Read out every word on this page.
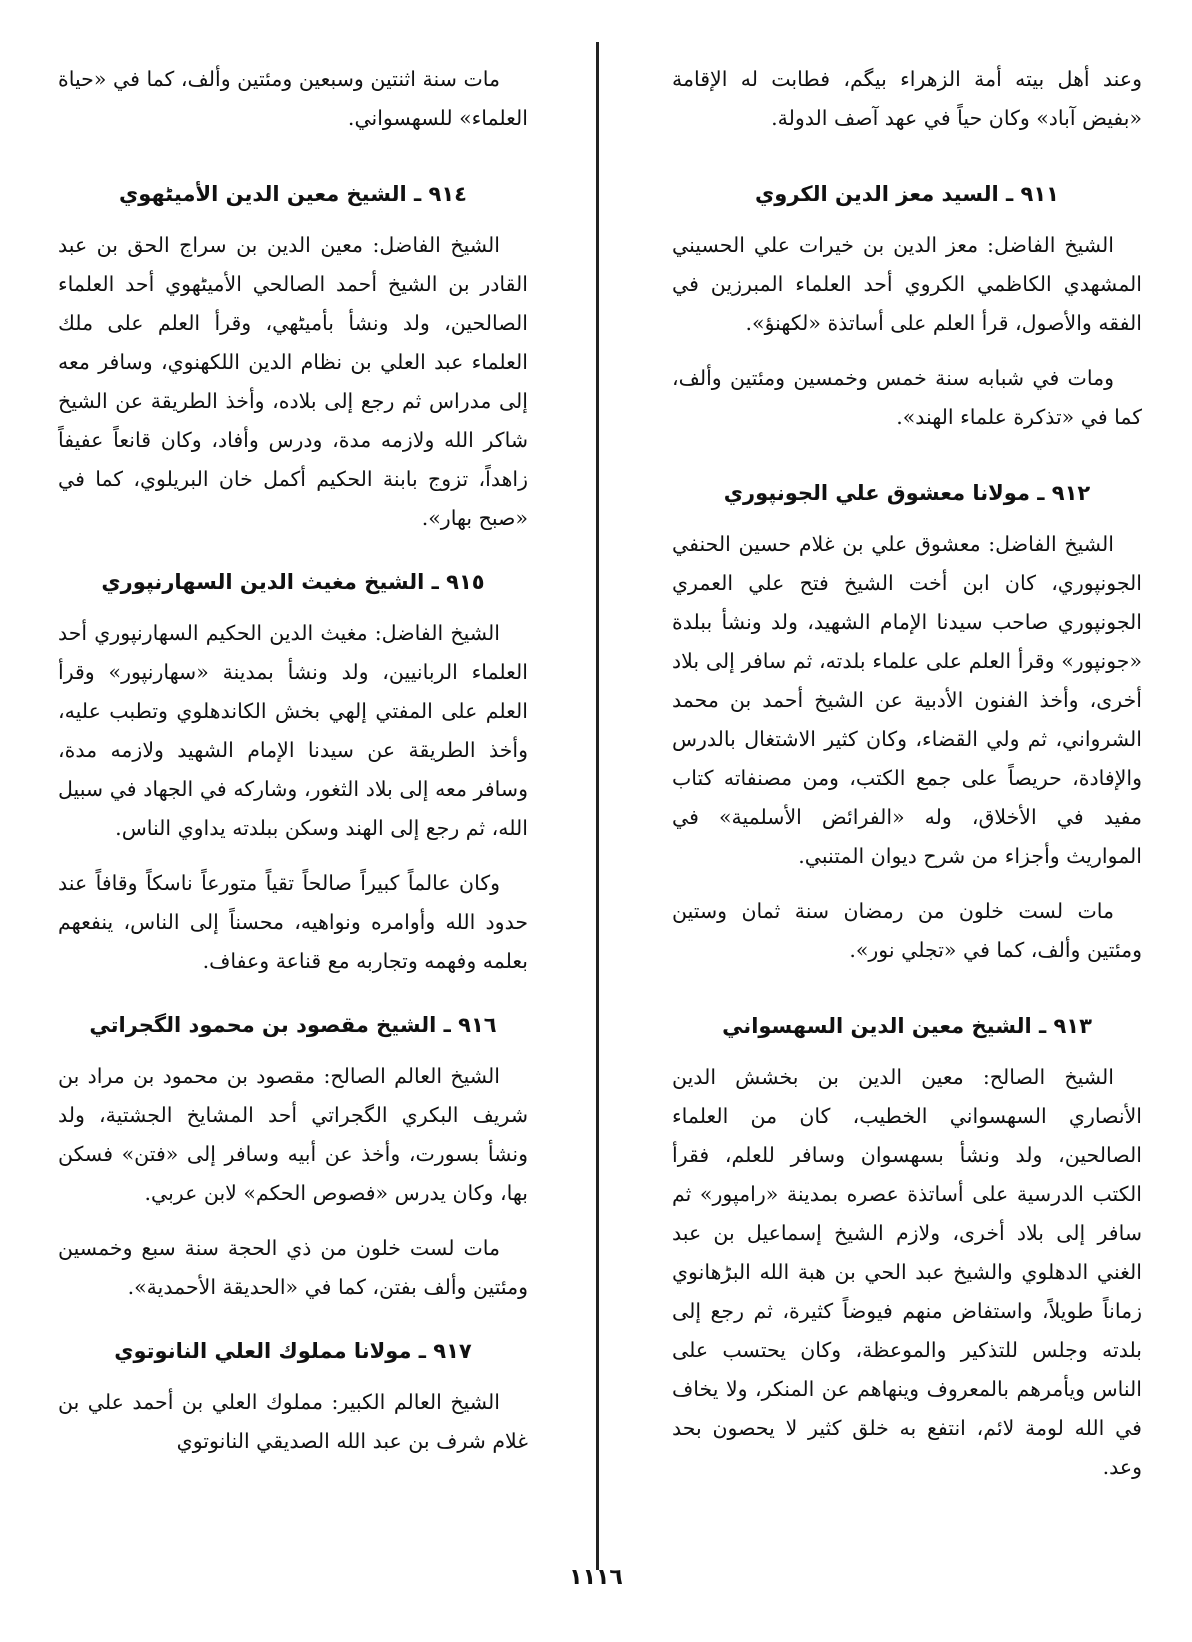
وعند أهل بيته أمة الزهراء بيگم، فطابت له الإقامة «بفيض آباد» وكان حياً في عهد آصف الدولة.

٩١١ ـ السيد معز الدين الكروي

الشيخ الفاضل: معز الدين بن خيرات علي الحسيني المشهدي الكاظمي الكروي أحد العلماء المبرزين في الفقه والأصول، قرأ العلم على أساتذة «لكهنؤ».

ومات في شبابه سنة خمس وخمسين ومئتين وألف، كما في «تذكرة علماء الهند».

٩١٢ ـ مولانا معشوق علي الجونپوري

الشيخ الفاضل: معشوق علي بن غلام حسين الحنفي الجونپوري، كان ابن أخت الشيخ فتح علي العمري الجونپوري صاحب سيدنا الإمام الشهيد، ولد ونشأ ببلدة «جونپور» وقرأ العلم على علماء بلدته، ثم سافر إلى بلاد أخرى، وأخذ الفنون الأدبية عن الشيخ أحمد بن محمد الشرواني، ثم ولي القضاء، وكان كثير الاشتغال بالدرس والإفادة، حريصاً على جمع الكتب، ومن مصنفاته كتاب مفيد في الأخلاق، وله «الفرائض الأسلمية» في المواريث وأجزاء من شرح ديوان المتنبي.

مات لست خلون من رمضان سنة ثمان وستين ومئتين وألف، كما في «تجلي نور».

٩١٣ ـ الشيخ معين الدين السهسواني

الشيخ الصالح: معين الدين بن بخشش الدين الأنصاري السهسواني الخطيب، كان من العلماء الصالحين، ولد ونشأ بسهسوان وسافر للعلم، فقرأ الكتب الدرسية على أساتذة عصره بمدينة «رامپور» ثم سافر إلى بلاد أخرى، ولازم الشيخ إسماعيل بن عبد الغني الدهلوي والشيخ عبد الحي بن هبة الله البڑهانوي زماناً طويلاً، واستفاض منهم فيوضاً كثيرة، ثم رجع إلى بلدته وجلس للتذكير والموعظة، وكان يحتسب على الناس ويأمرهم بالمعروف وينهاهم عن المنكر، ولا يخاف في الله لومة لائم، انتفع به خلق كثير لا يحصون بحد وعد.

مات سنة اثنتين وسبعين ومئتين وألف، كما في «حياة العلماء» للسهسواني.

٩١٤ ـ الشيخ معين الدين الأميٹهوي

الشيخ الفاضل: معين الدين بن سراج الحق بن عبد القادر بن الشيخ أحمد الصالحي الأميٹهوي أحد العلماء الصالحين، ولد ونشأ بأميٹهي، وقرأ العلم على ملك العلماء عبد العلي بن نظام الدين اللكهنوي، وسافر معه إلى مدراس ثم رجع إلى بلاده، وأخذ الطريقة عن الشيخ شاكر الله ولازمه مدة، ودرس وأفاد، وكان قانعاً عفيفاً زاهداً، تزوج بابنة الحكيم أكمل خان البريلوي، كما في «صبح بهار».

٩١٥ ـ الشيخ مغيث الدين السهارنپوري

الشيخ الفاضل: مغيث الدين الحكيم السهارنپوري أحد العلماء الربانيين، ولد ونشأ بمدينة «سهارنپور» وقرأ العلم على المفتي إلهي بخش الكاندهلوي وتطبب عليه، وأخذ الطريقة عن سيدنا الإمام الشهيد ولازمه مدة، وسافر معه إلى بلاد الثغور، وشاركه في الجهاد في سبيل الله، ثم رجع إلى الهند وسكن ببلدته يداوي الناس.

وكان عالماً كبيراً صالحاً تقياً متورعاً ناسكاً وقافاً عند حدود الله وأوامره ونواهيه، محسناً إلى الناس، ينفعهم بعلمه وفهمه وتجاربه مع قناعة وعفاف.

٩١٦ ـ الشيخ مقصود بن محمود الگجراتي

الشيخ العالم الصالح: مقصود بن محمود بن مراد بن شريف البكري الگجراتي أحد المشايخ الجشتية، ولد ونشأ بسورت، وأخذ عن أبيه وسافر إلى «فتن» فسكن بها، وكان يدرس «فصوص الحكم» لابن عربي.

مات لست خلون من ذي الحجة سنة سبع وخمسين ومئتين وألف بفتن، كما في «الحديقة الأحمدية».

٩١٧ ـ مولانا مملوك العلي النانوتوي

الشيخ العالم الكبير: مملوك العلي بن أحمد علي بن غلام شرف بن عبد الله الصديقي النانوتوي

١١١٦
